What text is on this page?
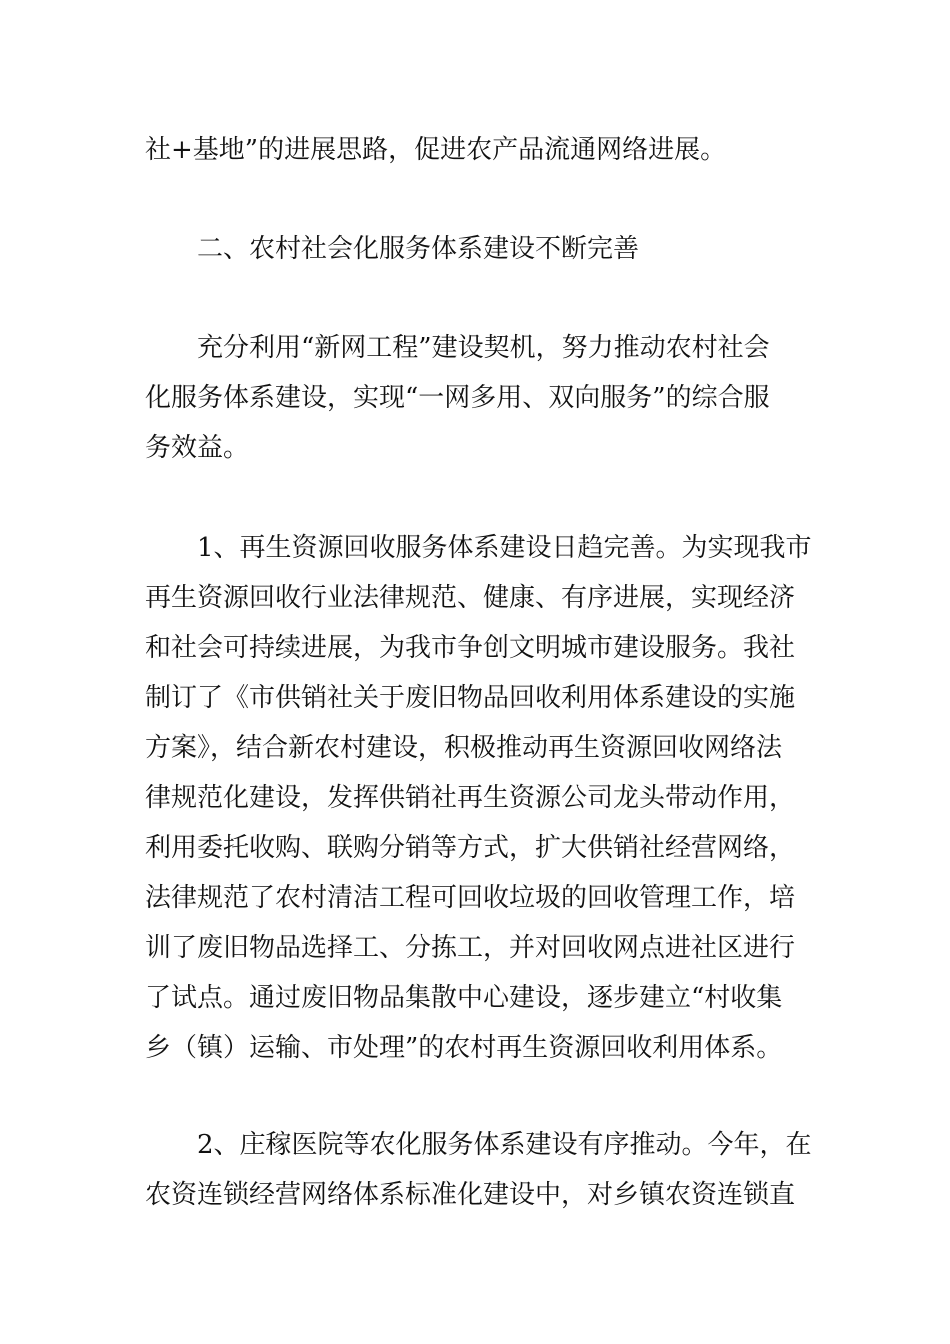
社+基地”的进展思路，促进农产品流通网络进展。
二、农村社会化服务体系建设不断完善
充分利用“新网工程”建设契机，努力推动农村社会
化服务体系建设，实现“一网多用、双向服务”的综合服
务效益。
1、再生资源回收服务体系建设日趋完善。为实现我市
再生资源回收行业法律规范、健康、有序进展，实现经济
和社会可持续进展，为我市争创文明城市建设服务。我社
制订了《市供销社关于废旧物品回收利用体系建设的实施
方案》，结合新农村建设，积极推动再生资源回收网络法
律规范化建设，发挥供销社再生资源公司龙头带动作用，
利用委托收购、联购分销等方式，扩大供销社经营网络，
法律规范了农村清洁工程可回收垃圾的回收管理工作，培
训了废旧物品选择工、分拣工，并对回收网点进社区进行
了试点。通过废旧物品集散中心建设，逐步建立“村收集
乡（镇）运输、市处理”的农村再生资源回收利用体系。
2、庄稼医院等农化服务体系建设有序推动。今年，在
农资连锁经营网络体系标准化建设中，对乡镇农资连锁直
